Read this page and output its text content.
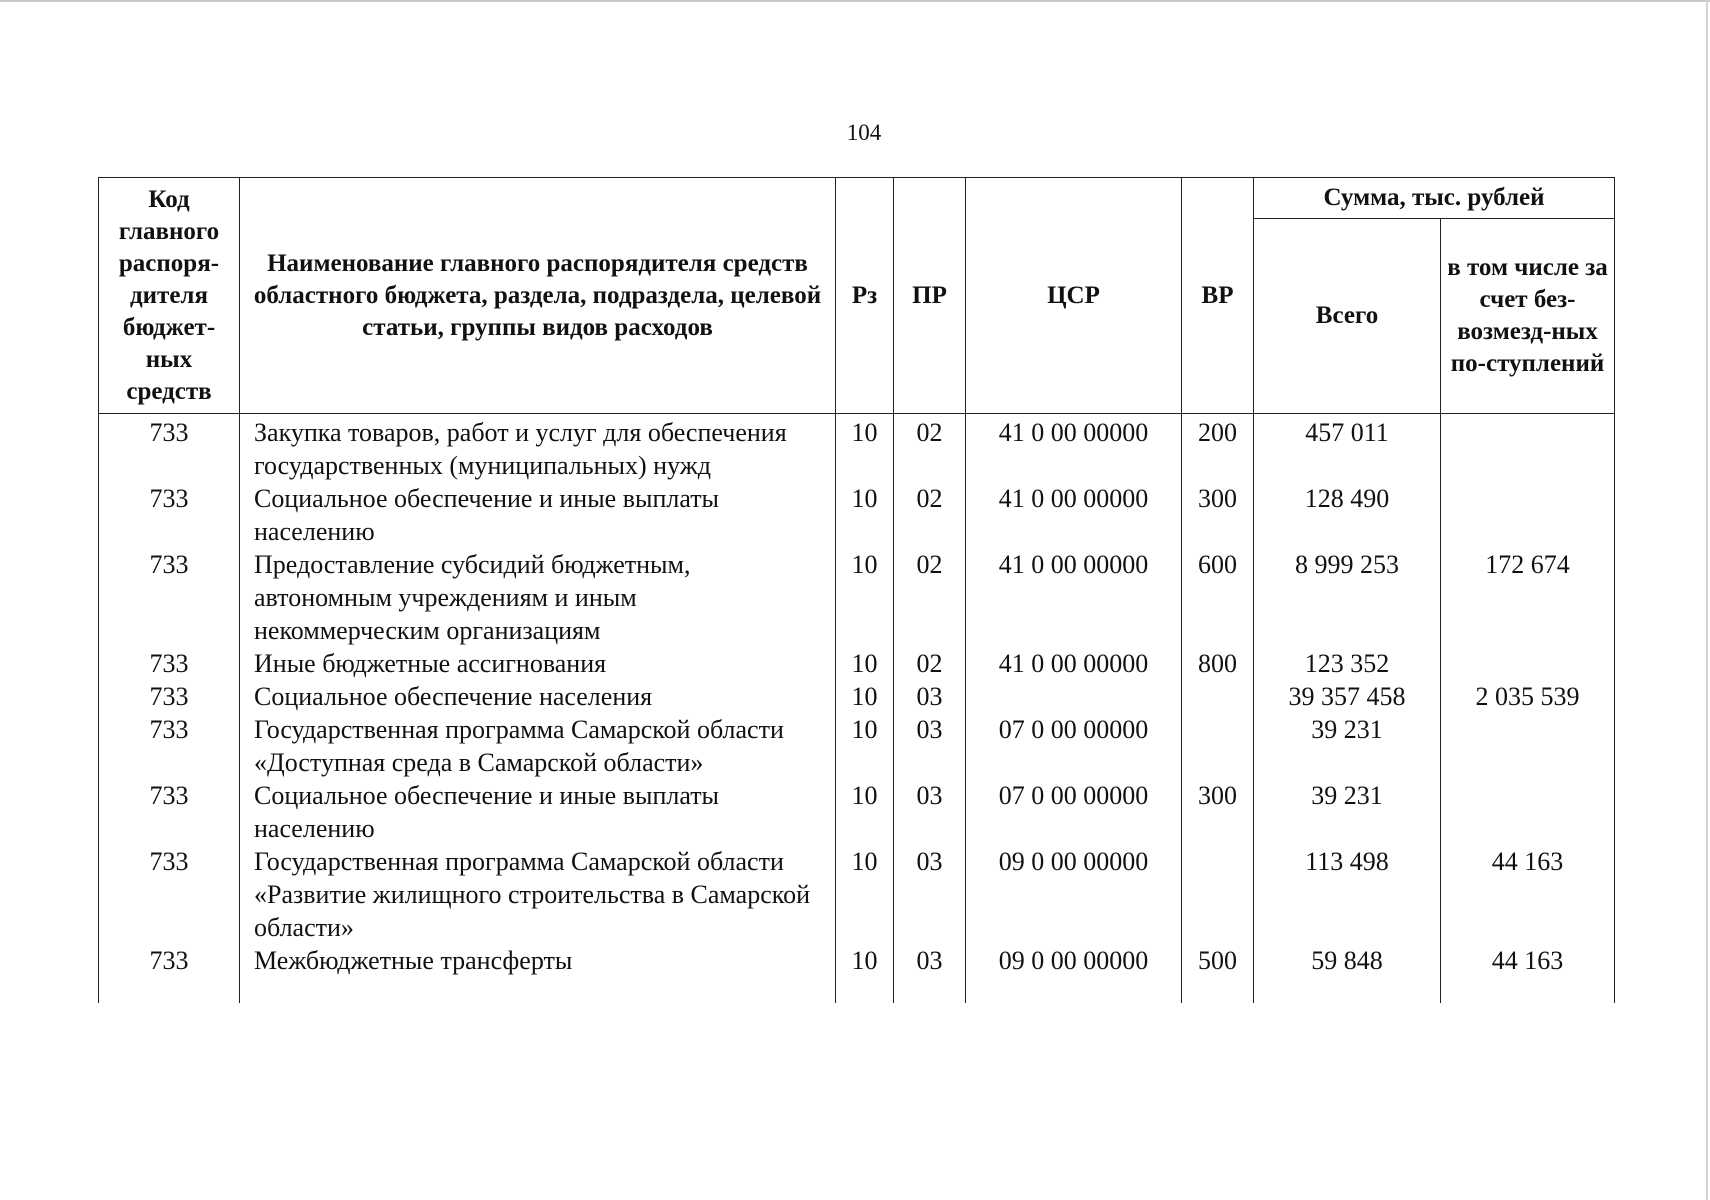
104
Код главного распоря-дителя бюджет-ных средств	Наименование главного распорядителя средств областного бюджета, раздела, подраздела, целевой статьи, группы видов расходов	Рз	ПР	ЦСР	ВР	Сумма, тыс. рублей	
						Всего	в том числе за счет без-возмезд-ных по-ступлений
733	Закупка товаров, работ и услуг для обеспечения государственных (муниципальных) нужд	10	02	41 0 00 00000	200	457 011	
733	Социальное обеспечение и иные выплаты населению	10	02	41 0 00 00000	300	128 490	
733	Предоставление субсидий бюджетным, автономным учреждениям и иным некоммерческим организациям	10	02	41 0 00 00000	600	8 999 253	172 674
733	Иные бюджетные ассигнования	10	02	41 0 00 00000	800	123 352	
733	Социальное обеспечение населения	10	03			39 357 458	2 035 539
733	Государственная программа Самарской области «Доступная среда в Самарской области»	10	03	07 0 00 00000		39 231	
733	Социальное обеспечение и иные выплаты населению	10	03	07 0 00 00000	300	39 231	
733	Государственная программа Самарской области «Развитие жилищного строительства в Самарской области»	10	03	09 0 00 00000		113 498	44 163
733	Межбюджетные трансферты	10	03	09 0 00 00000	500	59 848	44 163
